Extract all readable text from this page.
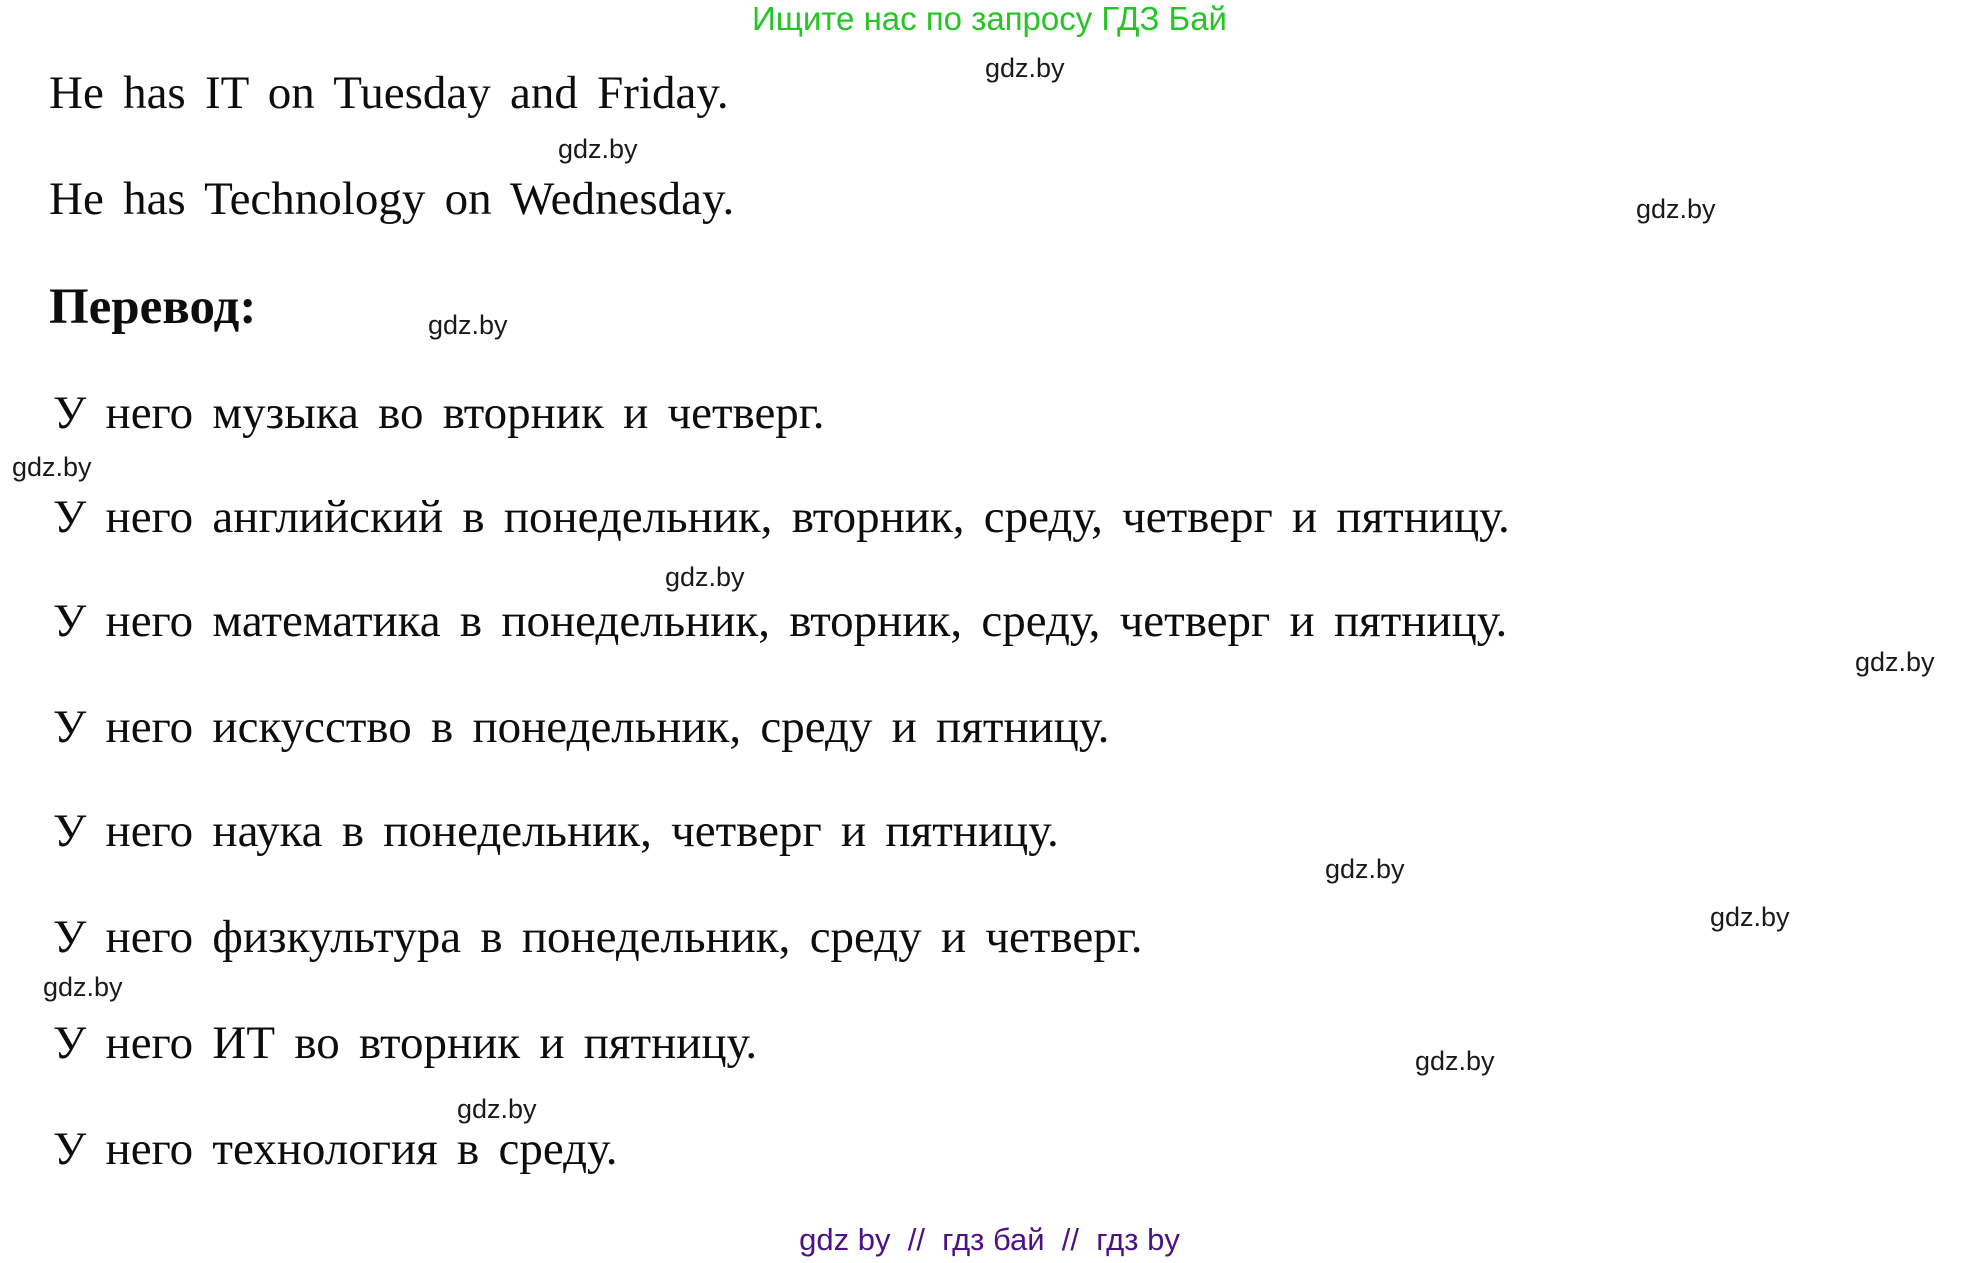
Ищите нас по запросу ГДЗ Бай
gdz.by
He has IT on Tuesday and Friday.
gdz.by
He has Technology on Wednesday.	gdz.by
Перевод:	gdz.by
У него музыка во вторник и четверг.
gdz.by
У него английский в понедельник, вторник, среду, четверг и пятницу.
gdz.by
У него математика в понедельник, вторник, среду, четверг и пятницу.
gdz.by
У него искусство в понедельник, среду и пятницу.
У него наука в понедельник, четверг и пятницу.
gdz.by
gdz.by
У него физкультура в понедельник, среду и четверг.
gdz.by
У него ИТ во вторник и пятницу.	gdz.by
gdz.by
У него технология в среду.
gdz by  //  гдз бай  //  гдз by
